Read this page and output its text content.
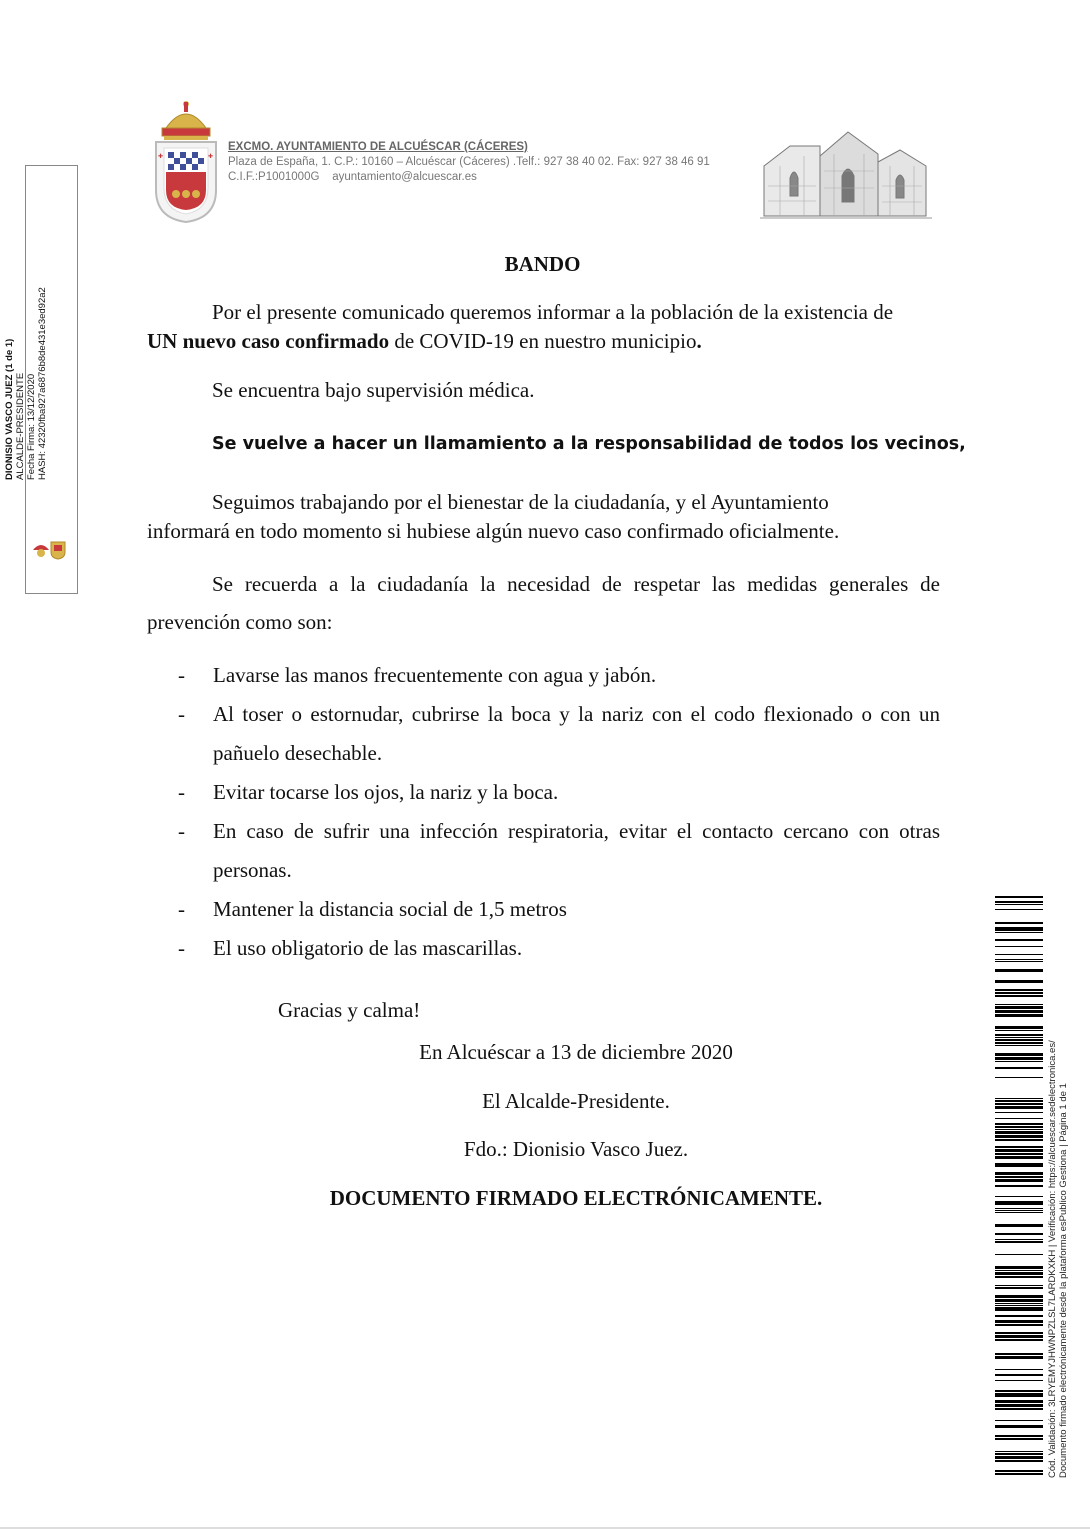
✚	✚
EXCMO. AYUNTAMIENTO DE ALCUÉSCAR (CÁCERES)
Plaza de España, 1. C.P.: 10160 – Alcuéscar (Cáceres) .Telf.: 927 38 40 02. Fax: 927 38 46 91
C.I.F.:P1001000G ayuntamiento@alcuescar.es
DIONISIO VASCO JUEZ (1 de 1) ALCALDE-PRESIDENTE Fecha Firma: 13/12/2020 HASH: 42320fba927a6876b8de431e3ed92a2
BANDO
Por el presente comunicado queremos informar a la población de la existencia de
UN nuevo caso confirmado de COVID-19 en nuestro municipio.
Se encuentra bajo supervisión médica.
Se vuelve a hacer un llamamiento a la responsabilidad de todos los vecinos,
Seguimos trabajando por el bienestar de la ciudadanía, y el Ayuntamiento
informará en todo momento si hubiese algún nuevo caso confirmado oficialmente.
Se recuerda a la ciudadanía la necesidad de respetar las medidas generales de prevención como son:
-	Lavarse las manos frecuentemente con agua y jabón.
-	Al toser o estornudar, cubrirse la boca y la nariz con el codo flexionado o con un pañuelo desechable.
-	Evitar tocarse los ojos, la nariz y la boca.
-	En caso de sufrir una infección respiratoria, evitar el contacto cercano con otras personas.
-	Mantener la distancia social de 1,5 metros
-	El uso obligatorio de las mascarillas.
Gracias y calma!
En Alcuéscar a 13 de diciembre 2020
El Alcalde-Presidente.
Fdo.: Dionisio Vasco Juez.
DOCUMENTO FIRMADO ELECTRÓNICAMENTE.	Cód. Validación: 3LRYEMYJHWNPZLSL7LARDKXKH | Verificación: https://alcuescar.sedelectronica.es/ Documento firmado electrónicamente desde la plataforma esPublico Gestiona | Página 1 de 1
